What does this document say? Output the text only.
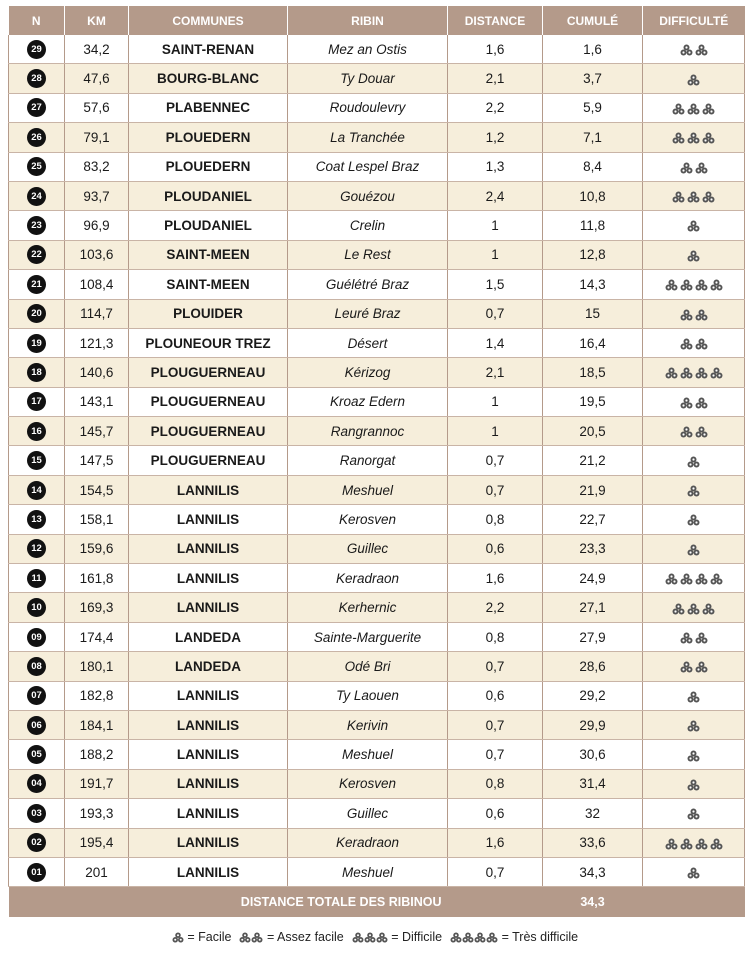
N	KM	COMMUNES	RIBIN	DISTANCE	CUMULÉ	DIFFICULTÉ
29	34,2	SAINT-RENAN	Mez an Ostis	1,6	1,6	
28	47,6	BOURG-BLANC	Ty Douar	2,1	3,7	
27	57,6	PLABENNEC	Roudoulevry	2,2	5,9	
26	79,1	PLOUEDERN	La Tranchée	1,2	7,1	
25	83,2	PLOUEDERN	Coat Lespel Braz	1,3	8,4	
24	93,7	PLOUDANIEL	Gouézou	2,4	10,8	
23	96,9	PLOUDANIEL	Crelin	1	11,8	
22	103,6	SAINT-MEEN	Le Rest	1	12,8	
21	108,4	SAINT-MEEN	Guélétré Braz	1,5	14,3	
20	114,7	PLOUIDER	Leuré Braz	0,7	15	
19	121,3	PLOUNEOUR TREZ	Désert	1,4	16,4	
18	140,6	PLOUGUERNEAU	Kérizog	2,1	18,5	
17	143,1	PLOUGUERNEAU	Kroaz Edern	1	19,5	
16	145,7	PLOUGUERNEAU	Rangrannoc	1	20,5	
15	147,5	PLOUGUERNEAU	Ranorgat	0,7	21,2	
14	154,5	LANNILIS	Meshuel	0,7	21,9	
13	158,1	LANNILIS	Kerosven	0,8	22,7	
12	159,6	LANNILIS	Guillec	0,6	23,3	
11	161,8	LANNILIS	Keradraon	1,6	24,9	
10	169,3	LANNILIS	Kerhernic	2,2	27,1	
09	174,4	LANDEDA	Sainte-Marguerite	0,8	27,9	
08	180,1	LANDEDA	Odé Bri	0,7	28,6	
07	182,8	LANNILIS	Ty Laouen	0,6	29,2	
06	184,1	LANNILIS	Kerivin	0,7	29,9	
05	188,2	LANNILIS	Meshuel	0,7	30,6	
04	191,7	LANNILIS	Kerosven	0,8	31,4	
03	193,3	LANNILIS	Guillec	0,6	32	
02	195,4	LANNILIS	Keradraon	1,6	33,6	
01	201	LANNILIS	Meshuel	0,7	34,3	
DISTANCE TOTALE DES RIBINOU					34,3	
= Facile	= Assez facile	= Difficile	= Très difficile
